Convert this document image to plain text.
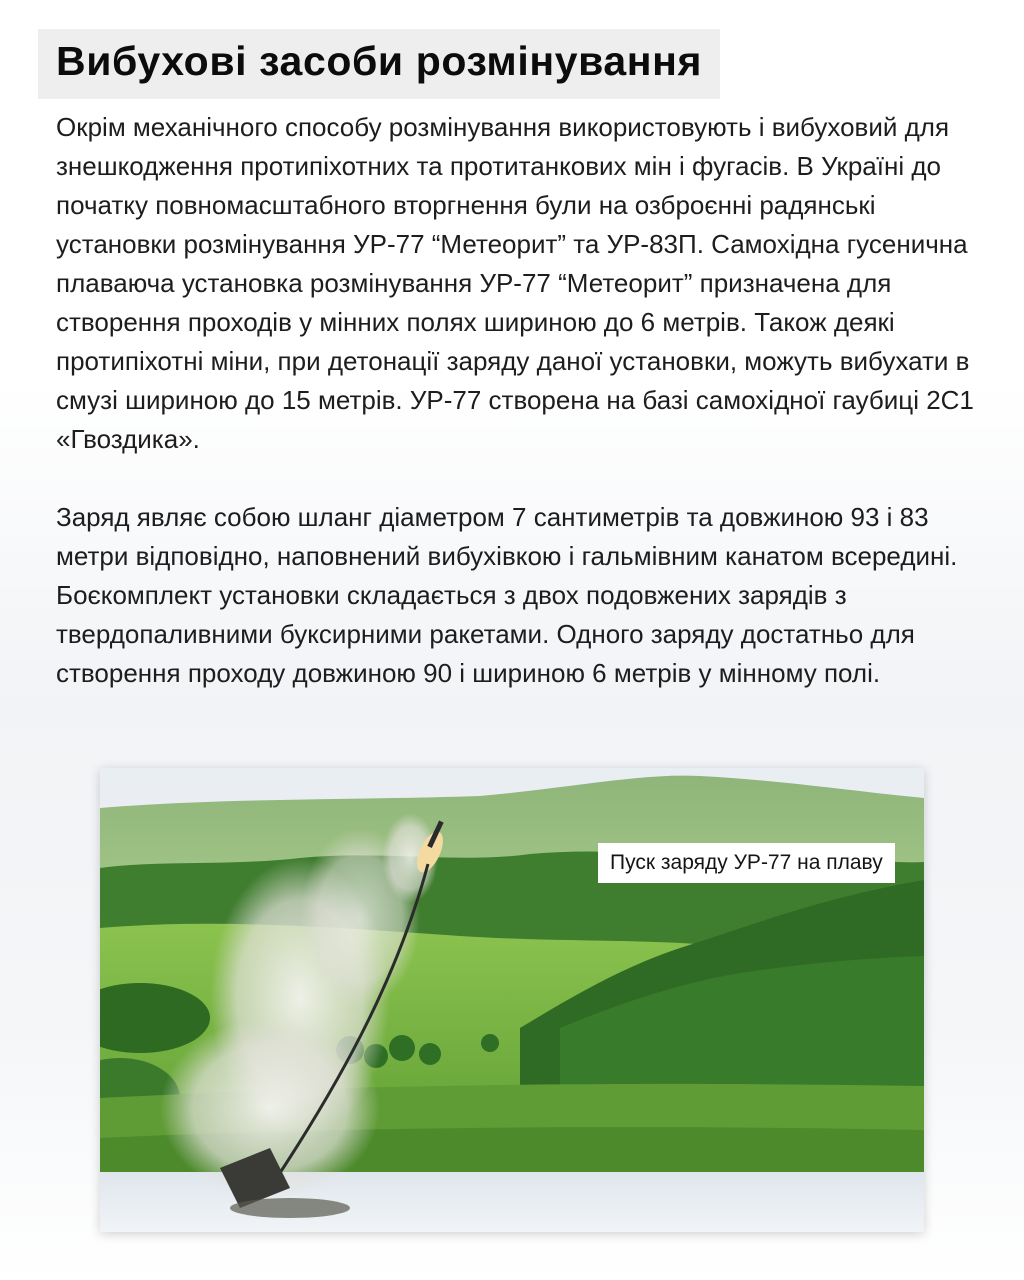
Вибухові засоби розмінування

Окрім механічного способу розмінування використовують і вибуховий для знешкодження протипіхотних та протитанкових мін і фугасів. В Україні до початку повномасштабного вторгнення були на озброєнні радянські установки розмінування УР-77 “Метеорит” та УР-83П. Самохідна гусенична плаваюча установка розмінування УР-77 “Метеорит” призначена для створення проходів у мінних полях шириною до 6 метрів. Також деякі протипіхотні міни, при детонації заряду даної установки, можуть вибухати в смузі шириною до 15 метрів. УР-77 створена на базі самохідної гаубиці 2С1 «Гвоздика».

Заряд являє собою шланг діаметром 7 сантиметрів та довжиною 93 і 83 метри відповідно, наповнений вибухівкою і гальмівним канатом всередині. Боєкомплект установки складається з двох подовжених зарядів з твердопаливними буксирними ракетами. Одного заряду достатньо для створення проходу довжиною 90 і шириною 6 метрів у мінному полі.

Пуск заряду УР-77 на плаву
